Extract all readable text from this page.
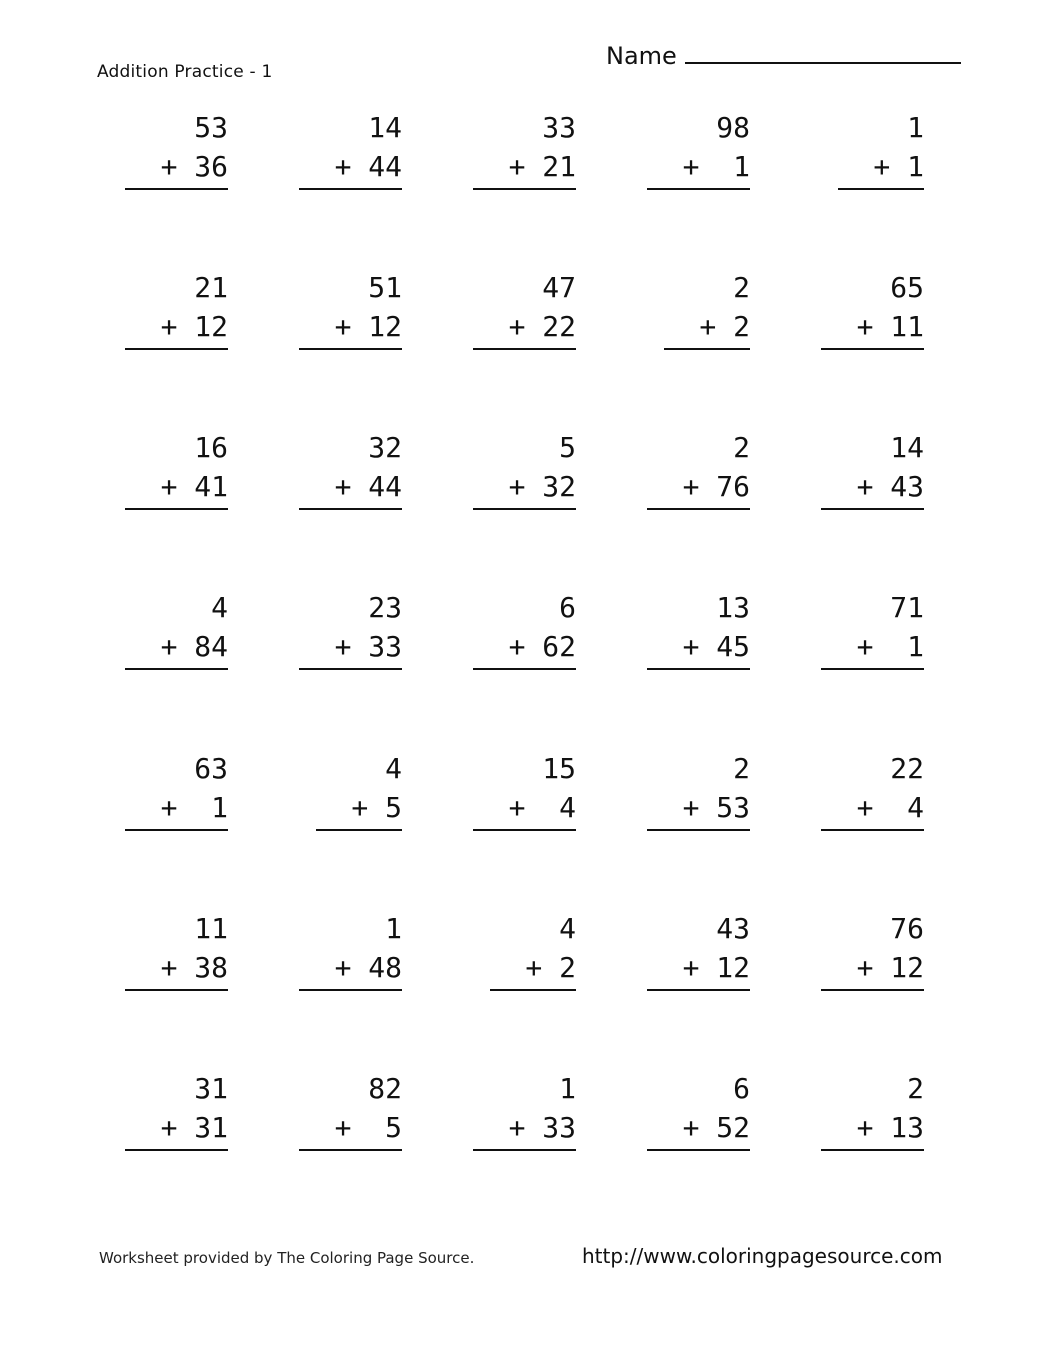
Addition Practice - 1
Name
53
+ 36
14
+ 44
33
+ 21
98
+  1
1
+ 1
21
+ 12
51
+ 12
47
+ 22
2
+ 2
65
+ 11
16
+ 41
32
+ 44
5
+ 32
2
+ 76
14
+ 43
4
+ 84
23
+ 33
6
+ 62
13
+ 45
71
+  1
63
+  1
4
+ 5
15
+  4
2
+ 53
22
+  4
11
+ 38
1
+ 48
4
+ 2
43
+ 12
76
+ 12
31
+ 31
82
+  5
1
+ 33
6
+ 52
2
+ 13
Worksheet provided by The Coloring Page Source.	http://www.coloringpagesource.com
